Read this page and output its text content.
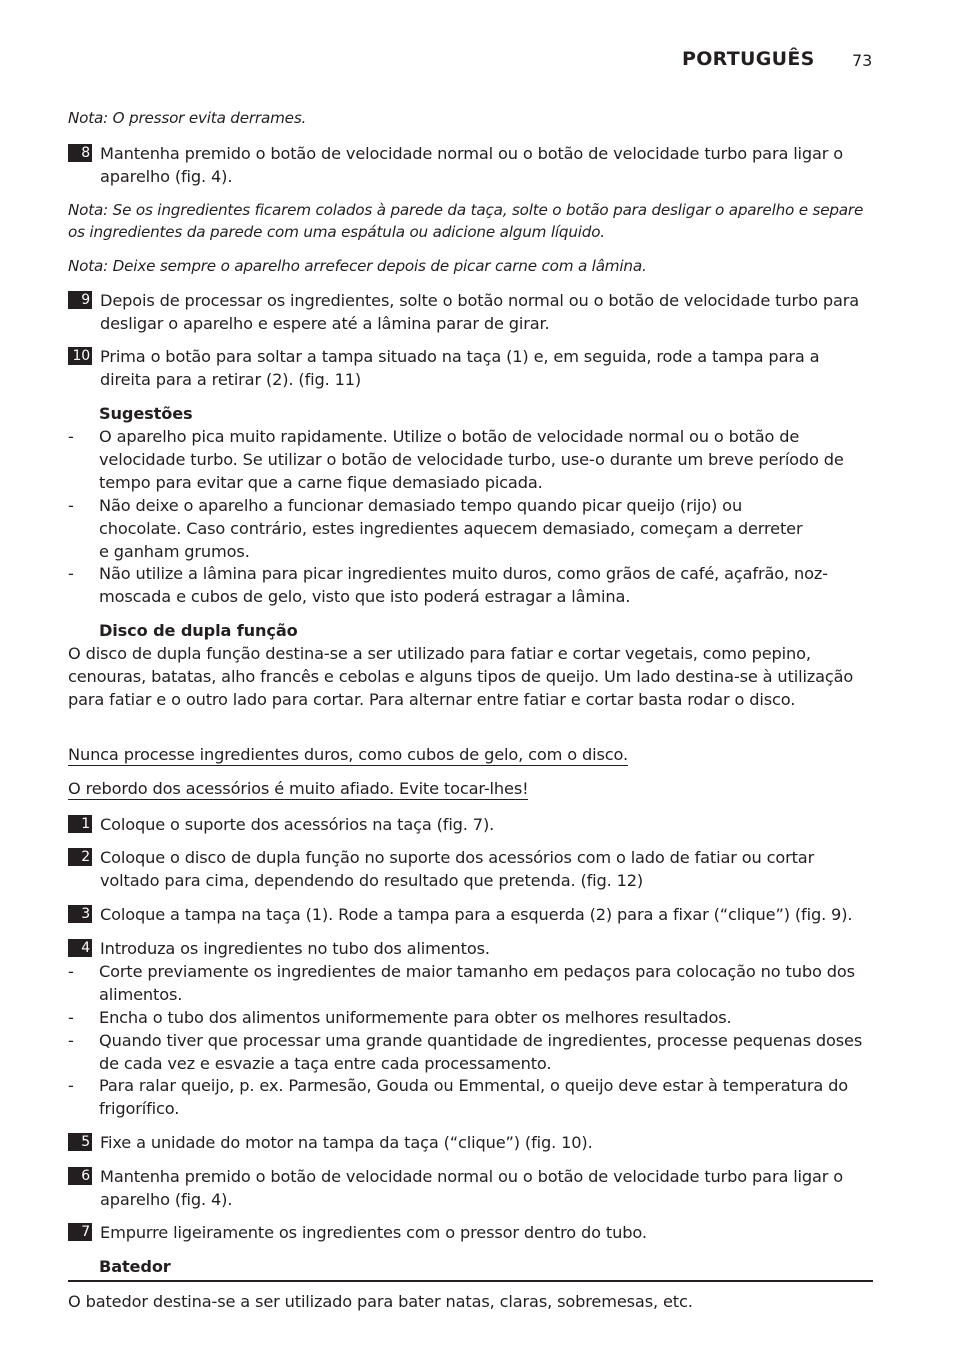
PORTUGUÊS 73
Nota: O pressor evita derrames.
8 Mantenha premido o botão de velocidade normal ou o botão de velocidade turbo para ligar o aparelho (fig. 4).
Nota: Se os ingredientes ficarem colados à parede da taça, solte o botão para desligar o aparelho e separe os ingredientes da parede com uma espátula ou adicione algum líquido.
Nota: Deixe sempre o aparelho arrefecer depois de picar carne com a lâmina.
9 Depois de processar os ingredientes, solte o botão normal ou o botão de velocidade turbo para desligar o aparelho e espere até a lâmina parar de girar.
10 Prima o botão para soltar a tampa situado na taça (1) e, em seguida, rode a tampa para a direita para a retirar (2). (fig. 11)
Sugestões
-	O aparelho pica muito rapidamente. Utilize o botão de velocidade normal ou o botão de velocidade turbo. Se utilizar o botão de velocidade turbo, use-o durante um breve período de tempo para evitar que a carne fique demasiado picada.
-	Não deixe o aparelho a funcionar demasiado tempo quando picar queijo (rijo) ou chocolate. Caso contrário, estes ingredientes aquecem demasiado, começam a derreter e ganham grumos.
-	Não utilize a lâmina para picar ingredientes muito duros, como grãos de café, açafrão, noz-moscada e cubos de gelo, visto que isto poderá estragar a lâmina.
Disco de dupla função
O disco de dupla função destina-se a ser utilizado para fatiar e cortar vegetais, como pepino, cenouras, batatas, alho francês e cebolas e alguns tipos de queijo. Um lado destina-se à utilização para fatiar e o outro lado para cortar. Para alternar entre fatiar e cortar basta rodar o disco.
Nunca processe ingredientes duros, como cubos de gelo, com o disco.
O rebordo dos acessórios é muito afiado. Evite tocar-lhes!
1 Coloque o suporte dos acessórios na taça (fig. 7).
2 Coloque o disco de dupla função no suporte dos acessórios com o lado de fatiar ou cortar voltado para cima, dependendo do resultado que pretenda. (fig. 12)
3 Coloque a tampa na taça (1). Rode a tampa para a esquerda (2) para a fixar (“clique”) (fig. 9).
4 Introduza os ingredientes no tubo dos alimentos.
-	Corte previamente os ingredientes de maior tamanho em pedaços para colocação no tubo dos alimentos.
-	Encha o tubo dos alimentos uniformemente para obter os melhores resultados.
-	Quando tiver que processar uma grande quantidade de ingredientes, processe pequenas doses de cada vez e esvazie a taça entre cada processamento.
-	Para ralar queijo, p. ex. Parmesão, Gouda ou Emmental, o queijo deve estar à temperatura do frigorífico.
5 Fixe a unidade do motor na tampa da taça (“clique”) (fig. 10).
6 Mantenha premido o botão de velocidade normal ou o botão de velocidade turbo para ligar o aparelho (fig. 4).
7 Empurre ligeiramente os ingredientes com o pressor dentro do tubo.
Batedor
O batedor destina-se a ser utilizado para bater natas, claras, sobremesas, etc.
